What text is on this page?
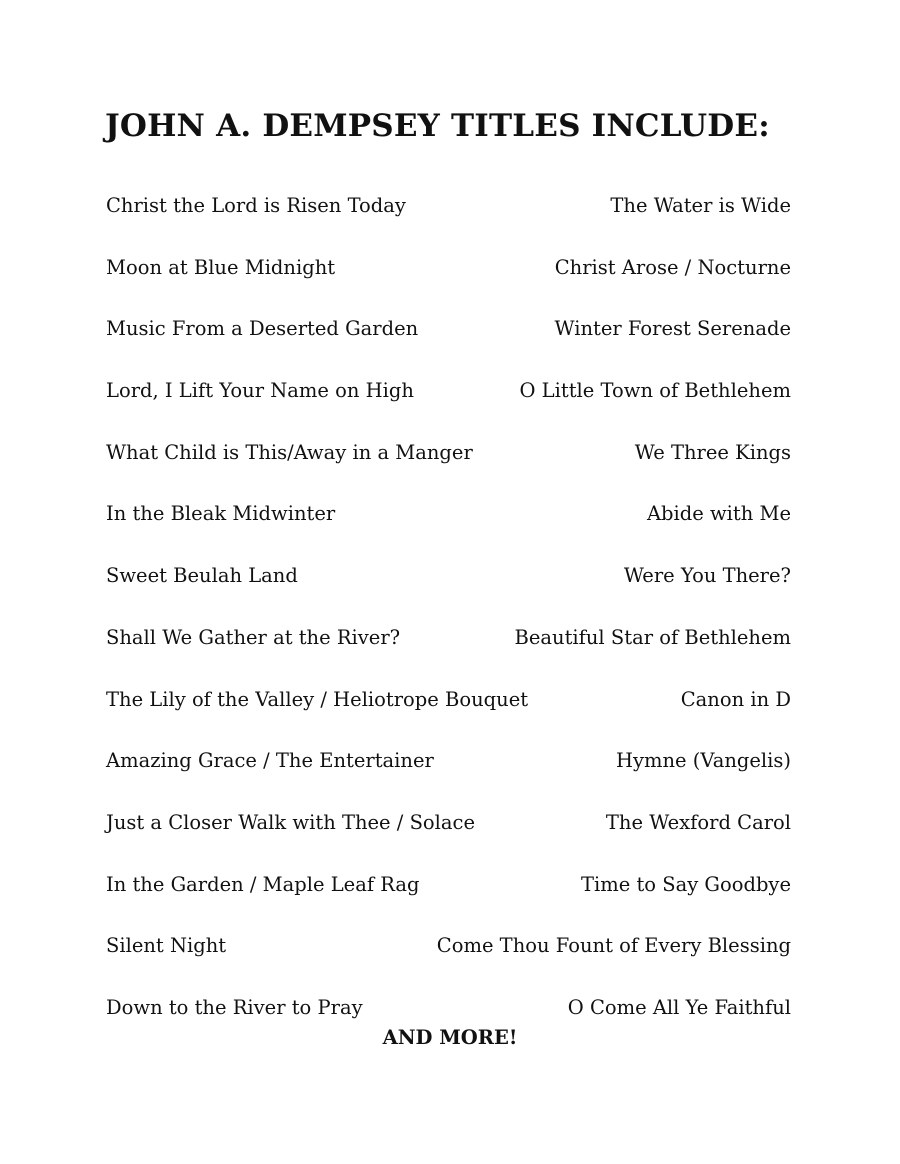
JOHN A. DEMPSEY TITLES INCLUDE:
Christ the Lord is Risen Today	The Water is Wide
Moon at Blue Midnight	Christ Arose / Nocturne
Music From a Deserted Garden	Winter Forest Serenade
Lord, I Lift Your Name on High	O Little Town of Bethlehem
What Child is This/Away in a Manger	We Three Kings
In the Bleak Midwinter	Abide with Me
Sweet Beulah Land	Were You There?
Shall We Gather at the River?	Beautiful Star of Bethlehem
The Lily of the Valley / Heliotrope Bouquet	Canon in D
Amazing Grace / The Entertainer	Hymne (Vangelis)
Just a Closer Walk with Thee / Solace	The Wexford Carol
In the Garden / Maple Leaf Rag	Time to Say Goodbye
Silent Night	Come Thou Fount of Every Blessing
Down to the River to Pray	O Come All Ye Faithful
AND MORE!
